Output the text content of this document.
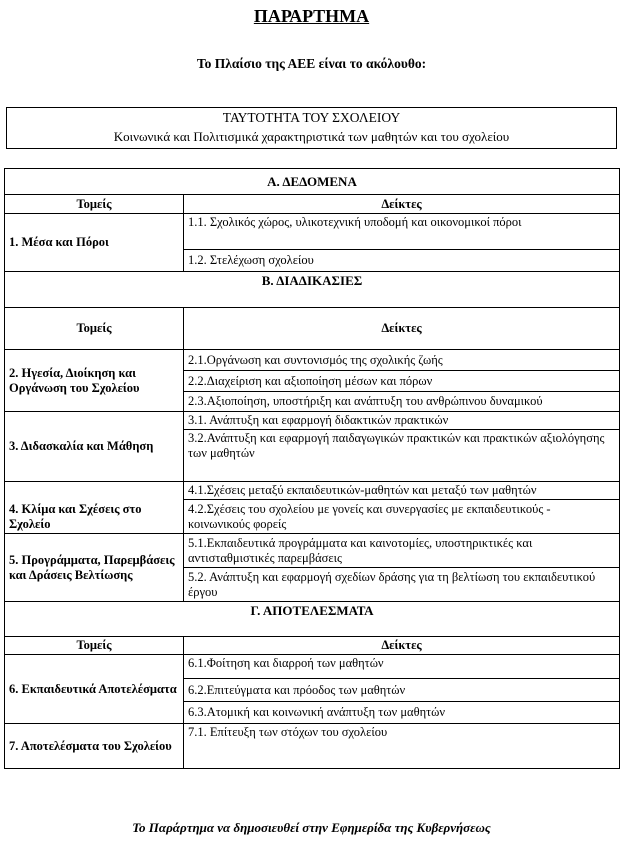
ΠΑΡΑΡΤΗΜΑ
Το Πλαίσιο της ΑΕΕ είναι το ακόλουθο:
ΤΑΥΤΟΤΗΤΑ ΤΟΥ ΣΧΟΛΕΙΟΥ
Κοινωνικά και Πολιτισμικά χαρακτηριστικά των μαθητών και του σχολείου
Α. ΔΕΔΟΜΕΝΑ	
Τομείς	Δείκτες
1. Μέσα και Πόροι	1.1. Σχολικός χώρος, υλικοτεχνική υποδομή και οικονομικοί πόροι
	1.2. Στελέχωση σχολείου
Β. ΔΙΑΔΙΚΑΣΙΕΣ	
Τομείς	Δείκτες
2. Ηγεσία, Διοίκηση και Οργάνωση του Σχολείου	2.1.Οργάνωση και συντονισμός της σχολικής ζωής
	2.2.Διαχείριση και αξιοποίηση μέσων και πόρων
	2.3.Αξιοποίηση, υποστήριξη και ανάπτυξη του ανθρώπινου δυναμικού
3. Διδασκαλία και Μάθηση	3.1. Ανάπτυξη και εφαρμογή διδακτικών πρακτικών
	3.2.Ανάπτυξη και εφαρμογή παιδαγωγικών πρακτικών και πρακτικών αξιολόγησης των μαθητών
4. Κλίμα και Σχέσεις στο Σχολείο	4.1.Σχέσεις μεταξύ εκπαιδευτικών-μαθητών και μεταξύ των μαθητών
	4.2.Σχέσεις του σχολείου με γονείς και συνεργασίες με εκπαιδευτικούς - κοινωνικούς φορείς
5. Προγράμματα, Παρεμβάσεις και Δράσεις Βελτίωσης	5.1.Εκπαιδευτικά προγράμματα και καινοτομίες, υποστηρικτικές και αντισταθμιστικές παρεμβάσεις
	5.2. Ανάπτυξη και εφαρμογή σχεδίων δράσης για τη βελτίωση του εκπαιδευτικού έργου
Γ. ΑΠΟΤΕΛΕΣΜΑΤΑ	
Τομείς	Δείκτες
6. Εκπαιδευτικά Αποτελέσματα	6.1.Φοίτηση και διαρροή των μαθητών
	6.2.Επιτεύγματα και πρόοδος των μαθητών
	6.3.Ατομική και κοινωνική ανάπτυξη των μαθητών
7. Αποτελέσματα του Σχολείου	7.1. Επίτευξη των στόχων του σχολείου
Το Παράρτημα να δημοσιευθεί στην Εφημερίδα της Κυβερνήσεως
